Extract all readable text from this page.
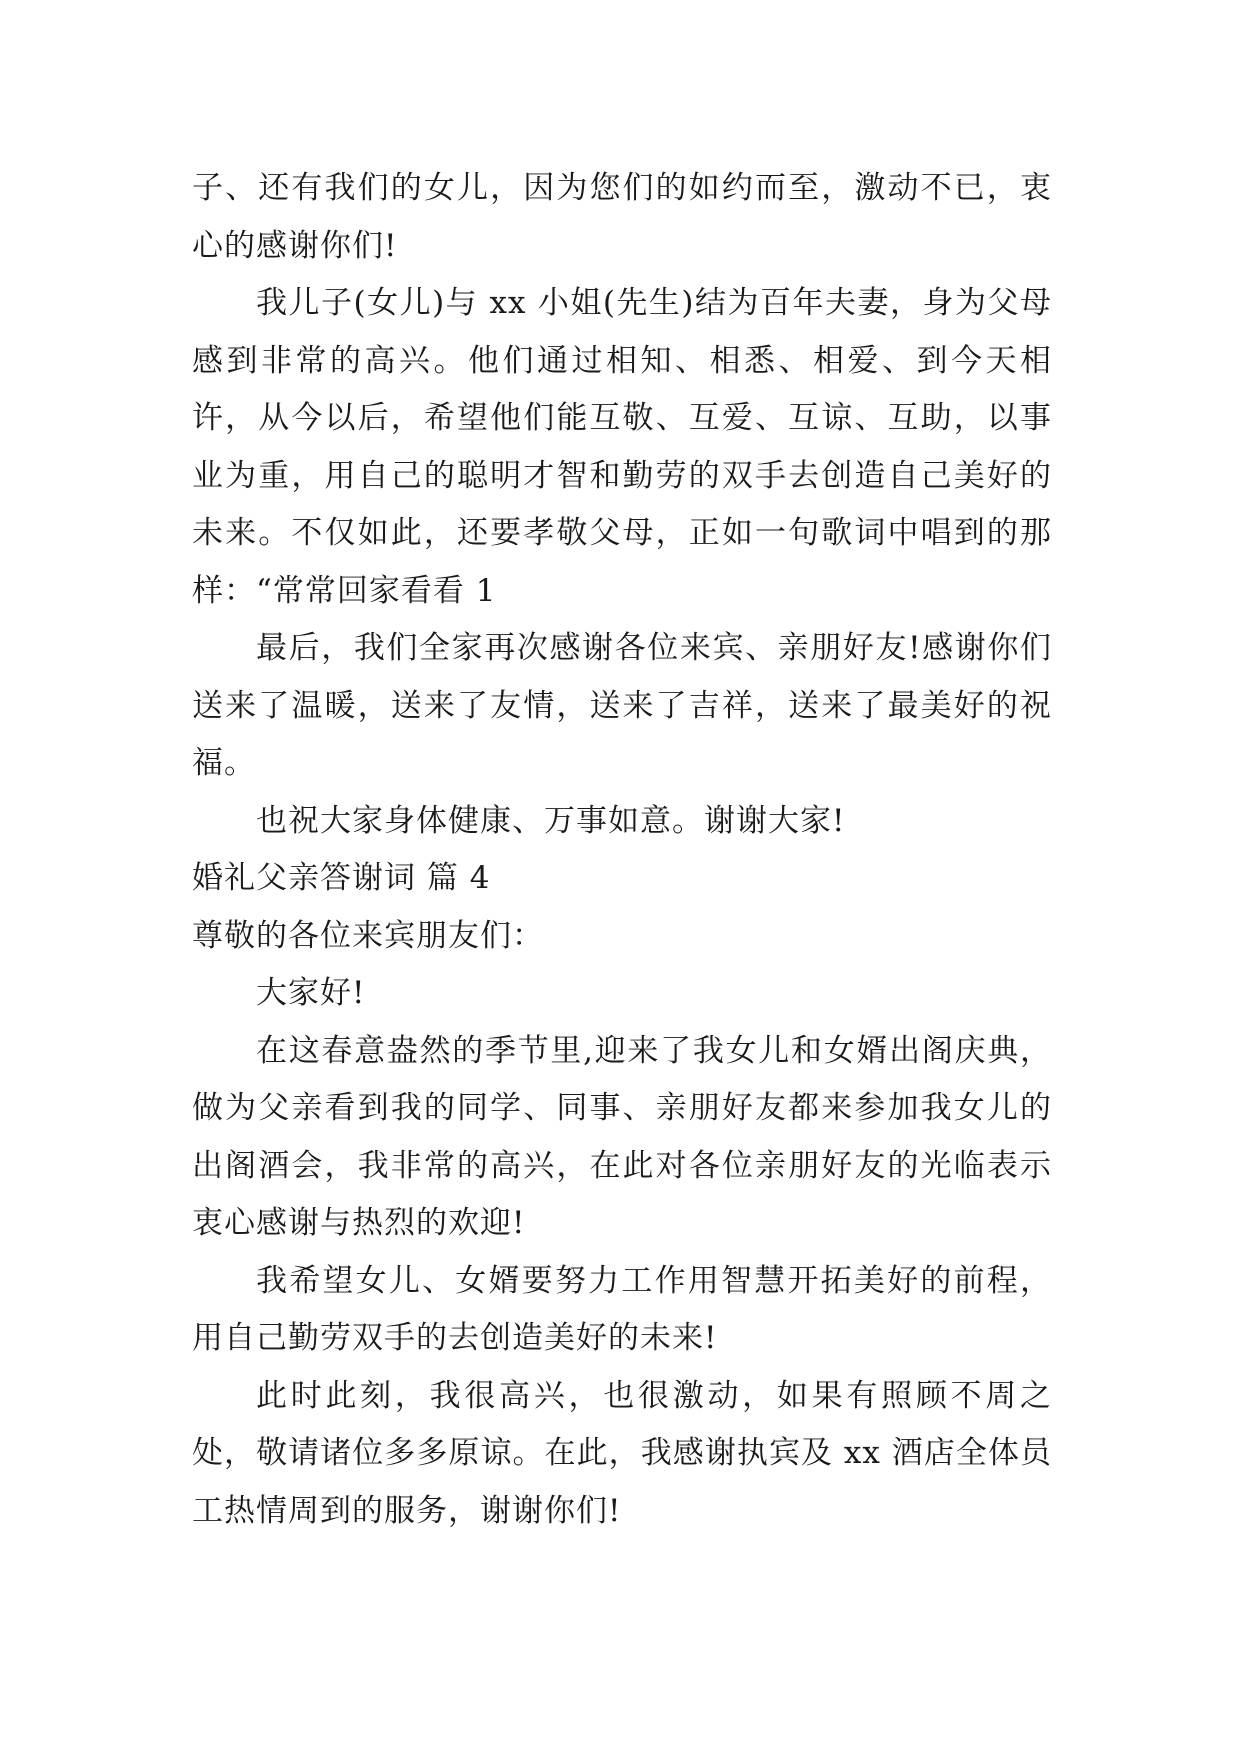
子、还有我们的女儿，因为您们的如约而至，激动不已，衷心的感谢你们!

我儿子(女儿)与 xx 小姐(先生)结为百年夫妻，身为父母感到非常的高兴。他们通过相知、相悉、相爱、到今天相许，从今以后，希望他们能互敬、互爱、互谅、互助，以事业为重，用自己的聪明才智和勤劳的双手去创造自己美好的未来。不仅如此，还要孝敬父母，正如一句歌词中唱到的那样：“常常回家看看 1

最后，我们全家再次感谢各位来宾、亲朋好友!感谢你们送来了温暖，送来了友情，送来了吉祥，送来了最美好的祝福。

也祝大家身体健康、万事如意。谢谢大家!

婚礼父亲答谢词 篇 4

尊敬的各位来宾朋友们：

大家好!

在这春意盎然的季节里,迎来了我女儿和女婿出阁庆典，做为父亲看到我的同学、同事、亲朋好友都来参加我女儿的出阁酒会，我非常的高兴，在此对各位亲朋好友的光临表示衷心感谢与热烈的欢迎!

我希望女儿、女婿要努力工作用智慧开拓美好的前程，用自己勤劳双手的去创造美好的未来!

此时此刻，我很高兴，也很激动，如果有照顾不周之处，敬请诸位多多原谅。在此，我感谢执宾及 xx 酒店全体员工热情周到的服务，谢谢你们!
